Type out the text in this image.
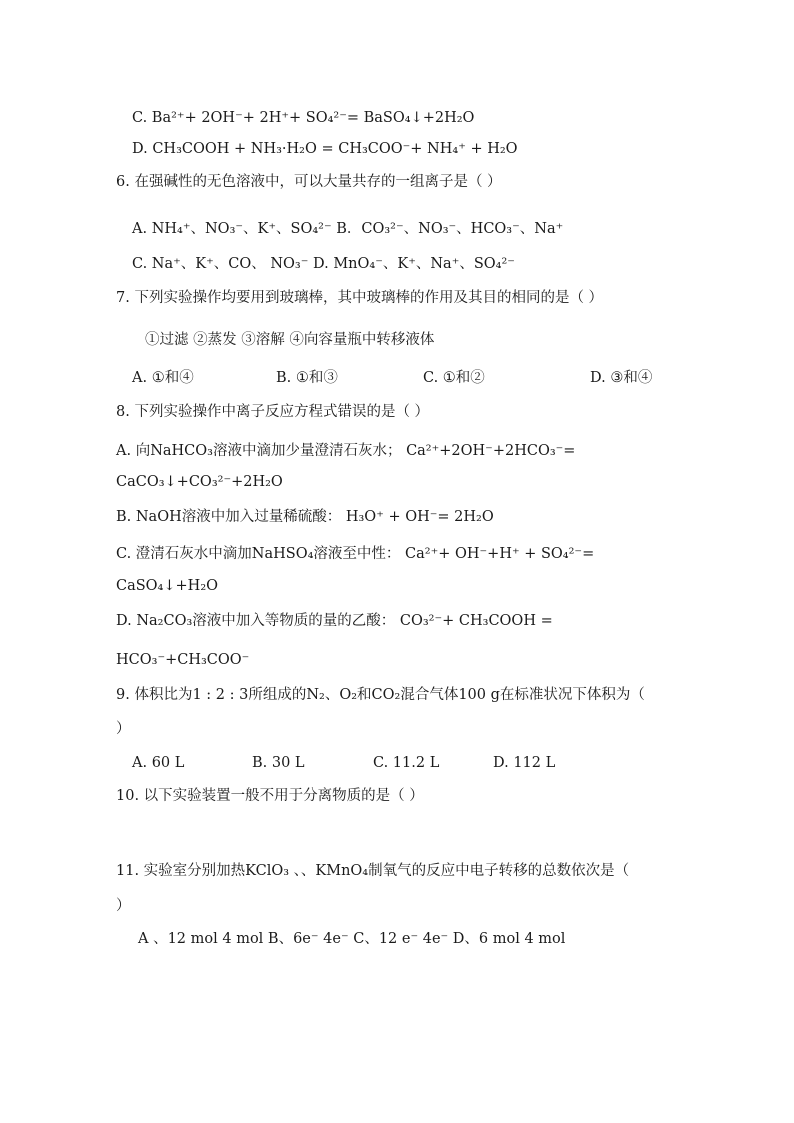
C. Ba²⁺+ 2OH⁻+ 2H⁺+ SO₄²⁻= BaSO₄↓+2H₂O
D. CH₃COOH + NH₃·H₂O = CH₃COO⁻+ NH₄⁺ + H₂O
6. 在强碱性的无色溶液中，可以大量共存的一组离子是（ ）
A. NH₄⁺、NO₃⁻、K⁺、SO₄²⁻ B．CO₃²⁻、NO₃⁻、HCO₃⁻、Na⁺
C. Na⁺、K⁺、CO、 NO₃⁻ D. MnO₄⁻、K⁺、Na⁺、SO₄²⁻
7. 下列实验操作均要用到玻璃棒，其中玻璃棒的作用及其目的相同的是（ ）
①过滤 ②蒸发 ③溶解 ④向容量瓶中转移液体
A. ①和④	B. ①和③	C. ①和②	D. ③和④
8. 下列实验操作中离子反应方程式错误的是（ ）
A. 向NaHCO₃溶液中滴加少量澄清石灰水； Ca²⁺+2OH⁻+2HCO₃⁻=
CaCO₃↓+CO₃²⁻+2H₂O
B. NaOH溶液中加入过量稀硫酸： H₃O⁺ + OH⁻= 2H₂O
C. 澄清石灰水中滴加NaHSO₄溶液至中性： Ca²⁺+ OH⁻+H⁺ + SO₄²⁻=
CaSO₄↓+H₂O
D. Na₂CO₃溶液中加入等物质的量的乙酸： CO₃²⁻+ CH₃COOH =
HCO₃⁻+CH₃COO⁻
9. 体积比为1 : 2 : 3所组成的N₂、O₂和CO₂混合气体100 g在标准状况下体积为（
）
A. 60 L	B. 30 L	C. 11.2 L	D. 112 L
10. 以下实验装置一般不用于分离物质的是（ ）
11. 实验室分别加热KClO₃ 、、KMnO₄制氧气的反应中电子转移的总数依次是（
）
A 、12 mol 4 mol B、6e⁻ 4e⁻ C、12 e⁻ 4e⁻ D、6 mol 4 mol
